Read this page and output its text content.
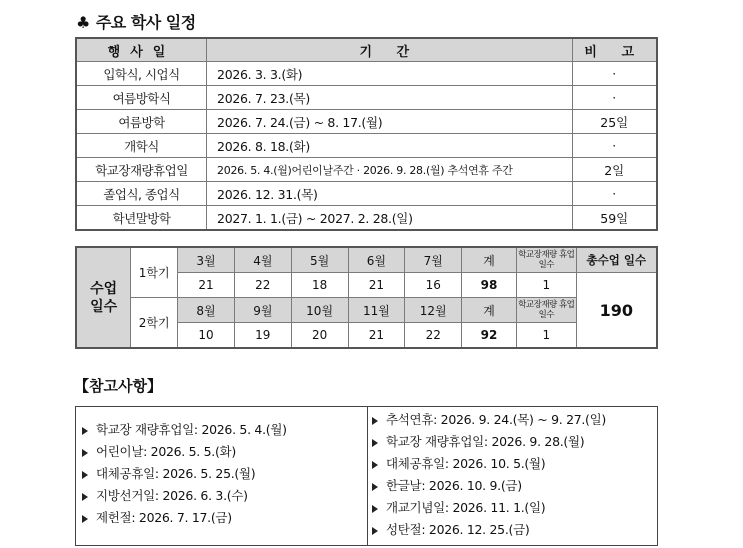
♣ 주요 학사 일정
행사일	기 간	비 고
입학식, 시업식	2026. 3. 3.(화)	·
여름방학식	2026. 7. 23.(목)	·
여름방학	2026. 7. 24.(금) ~ 8. 17.(월)	25일
개학식	2026. 8. 18.(화)	·
학교장재량휴업일	2026. 5. 4.(월)어린이날주간 · 2026. 9. 28.(월) 추석연휴 주간	2일
졸업식, 종업식	2026. 12. 31.(목)	·
학년말방학	2027. 1. 1.(금) ~ 2027. 2. 28.(일)	59일
수업
일수	1학기	3월	4월	5월	6월	7월	계	학교장재량 휴업일수	총수업 일수
		21	22	18	21	16	98	1	190
	2학기	8월	9월	10월	11월	12월	계	학교장재량 휴업일수	
		10	19	20	21	22	92	1	
【참고사항】
학교장 재량휴업일: 2026. 5. 4.(월)
어린이날: 2026. 5. 5.(화)
대체공휴일: 2026. 5. 25.(월)
지방선거일: 2026. 6. 3.(수)
제헌절: 2026. 7. 17.(금)
추석연휴: 2026. 9. 24.(목) ~ 9. 27.(일)
학교장 재량휴업일: 2026. 9. 28.(월)
대체공휴일: 2026. 10. 5.(월)
한글날: 2026. 10. 9.(금)
개교기념일: 2026. 11. 1.(일)
성탄절: 2026. 12. 25.(금)
